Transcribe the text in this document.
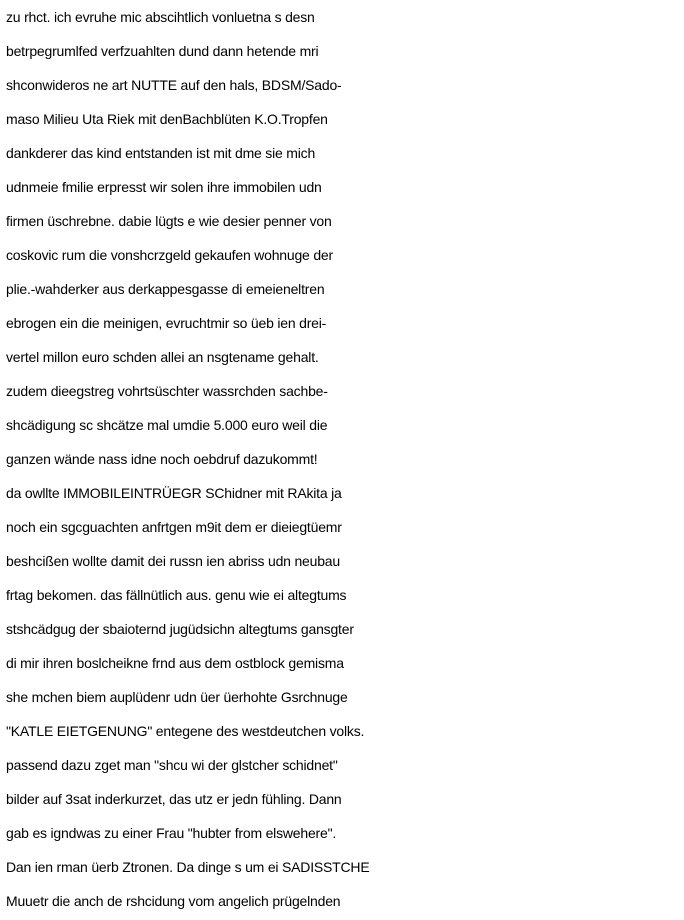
zu rhct. ich evruhe mic abscihtlich vonluetna s desn
betrpegrumlfed verfzuahlten dund dann hetende mri
shconwideros ne art NUTTE auf den hals, BDSM/Sado-
maso Milieu Uta Riek mit denBachblüten K.O.Tropfen
dankderer das kind entstanden ist mit dme sie mich
udnmeie fmilie erpresst wir solen ihre immobilen udn
firmen üschrebne. dabie lügts e wie desier penner von
coskovic rum die vonshcrzgeld gekaufen wohnuge der
plie.-wahderker aus derkappesgasse di emeieneltren
ebrogen ein die meinigen, evruchtmir so üeb ien drei-
vertel millon euro schden allei an nsgtename gehalt.
zudem dieegstreg vohrtsüschter wassrchden sachbe-
shcädigung sc shcätze mal umdie 5.000 euro weil die
ganzen wände nass idne noch oebdruf dazukommt!
da owllte IMMOBILEINTRÜEGR SChidner mit RAkita ja
noch ein sgcguachten anfrtgen m9it dem er dieiegtüemr
beshcißen wollte damit dei russn ien abriss udn neubau
frtag bekomen. das fällnütlich aus. genu wie ei altegtums
stshcädgug der sbaioternd jugüdsichn altegtums gansgter
di mir ihren boslcheikne frnd aus dem ostblock gemisma
she mchen biem auplüdenr udn üer üerhohte Gsrchnuge
"KATLE EIETGENUNG" entegene des westdeutchen volks.
passend dazu zget man "shcu wi der glstcher schidnet"
bilder auf 3sat inderkurzet, das utz er jedn fühling. Dann
gab es igndwas zu einer Frau "hubter from elswehere".
Dan ien rman üerb Ztronen. Da dinge s um ei SADISSTCHE
Muuetr die anch de rshcidung vom angelich prügelnden
